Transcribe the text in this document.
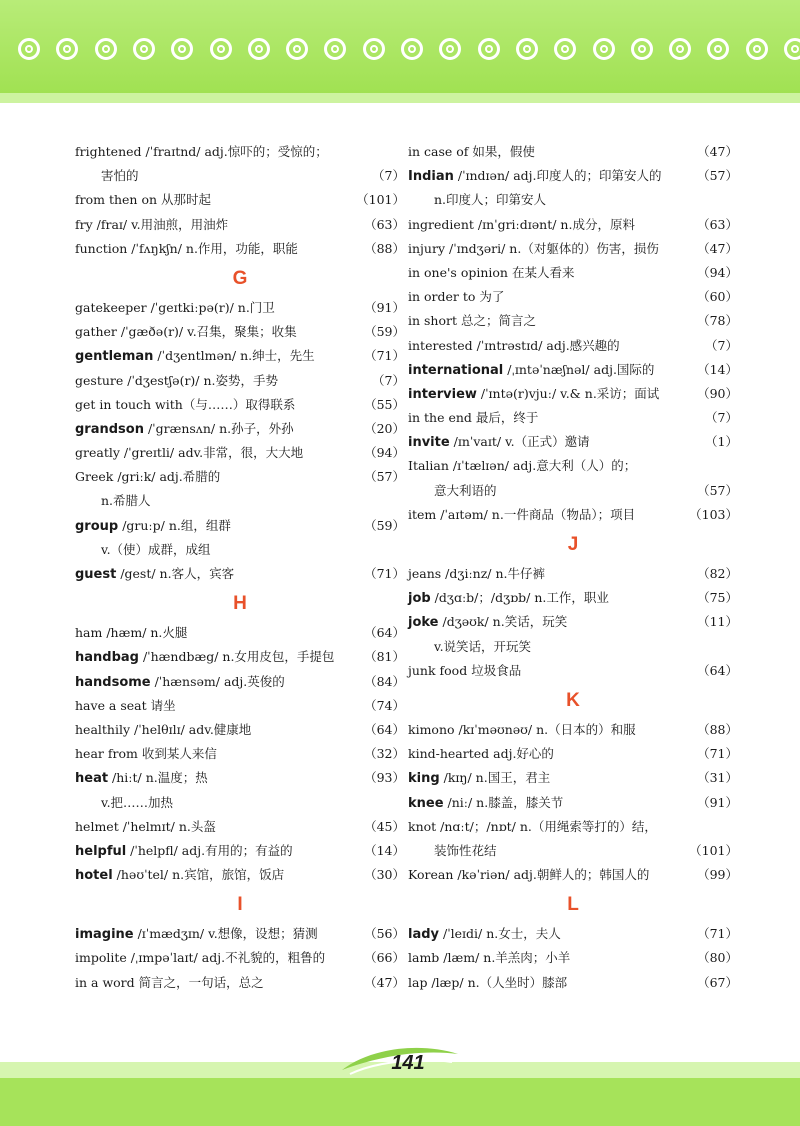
frightened /ˈfraɪtnd/ adj.惊吓的；受惊的；
害怕的	（7）
from then on 从那时起	（101）
fry /fraɪ/ v.用油煎，用油炸	（63）
function /ˈfʌŋkʃn/ n.作用，功能，职能	（88）
G
gatekeeper /ˈgeɪtkiːpə(r)/ n.门卫	（91）
gather /ˈgæðə(r)/ v.召集，聚集；收集	（59）
gentleman /ˈdʒentlmən/ n.绅士，先生	（71）
gesture /ˈdʒestʃə(r)/ n.姿势，手势	（7）
get in touch with（与……）取得联系	（55）
grandson /ˈgrænsʌn/ n.孙子，外孙	（20）
greatly /ˈgreɪtli/ adv.非常，很，大大地	（94）
Greek /griːk/ adj.希腊的	（57）
n.希腊人
group /gruːp/ n.组，组群	（59）
v.（使）成群，成组
guest /gest/ n.客人，宾客	（71）
H
ham /hæm/ n.火腿	（64）
handbag /ˈhændbæg/ n.女用皮包，手提包 （81）
handsome /ˈhænsəm/ adj.英俊的	（84）
have a seat 请坐	（74）
healthily /ˈhelθɪlɪ/ adv.健康地	（64）
hear from 收到某人来信	（32）
heat /hiːt/ n.温度；热	（93）
v.把……加热
helmet /ˈhelmɪt/ n.头盔	（45）
helpful /ˈhelpfl/ adj.有用的；有益的	（14）
hotel /həʊˈtel/ n.宾馆，旅馆，饭店	（30）
I
imagine /ɪˈmædʒɪn/ v.想像，设想；猜测	（56）
impolite /ˌɪmpəˈlaɪt/ adj.不礼貌的，粗鲁的	（66）
in a word 简言之，一句话，总之	（47）
in case of 如果，假使	（47）
Indian /ˈɪndɪən/ adj.印度人的；印第安人的	（57）
n.印度人；印第安人
ingredient /ɪnˈgriːdɪənt/ n.成分，原料	（63）
injury /ˈɪndʒəri/ n.（对躯体的）伤害，损伤	（47）
in one's opinion 在某人看来	（94）
in order to 为了	（60）
in short 总之；简言之	（78）
interested /ˈɪntrəstɪd/ adj.感兴趣的	（7）
international /ˌɪntəˈnæʃnəl/ adj.国际的	（14）
interview /ˈɪntə(r)vjuː/ v.& n.采访；面试	（90）
in the end 最后，终于	（7）
invite /ɪnˈvaɪt/ v.（正式）邀请	（1）
Italian /ɪˈtælɪən/ adj.意大利（人）的；
意大利语的	（57）
item /ˈaɪtəm/ n.一件商品（物品）；项目	（103）
J
jeans /dʒiːnz/ n.牛仔裤	（82）
job /dʒɑːb/；/dʒɒb/ n.工作，职业	（75）
joke /dʒəʊk/ n.笑话，玩笑	（11）
v.说笑话，开玩笑
junk food 垃圾食品	（64）
K
kimono /kɪˈməʊnəʊ/ n.（日本的）和服	（88）
kind-hearted adj.好心的	（71）
king /kɪŋ/ n.国王，君主	（31）
knee /niː/ n.膝盖，膝关节	（91）
knot /nɑːt/；/nɒt/ n.（用绳索等打的）结，
装饰性花结	（101）
Korean /kəˈriən/ adj.朝鲜人的；韩国人的	（99）
L
lady /ˈleɪdi/ n.女士，夫人	（71）
lamb /læm/ n.羊羔肉；小羊	（80）
lap /læp/ n.（人坐时）膝部	（67）
141
